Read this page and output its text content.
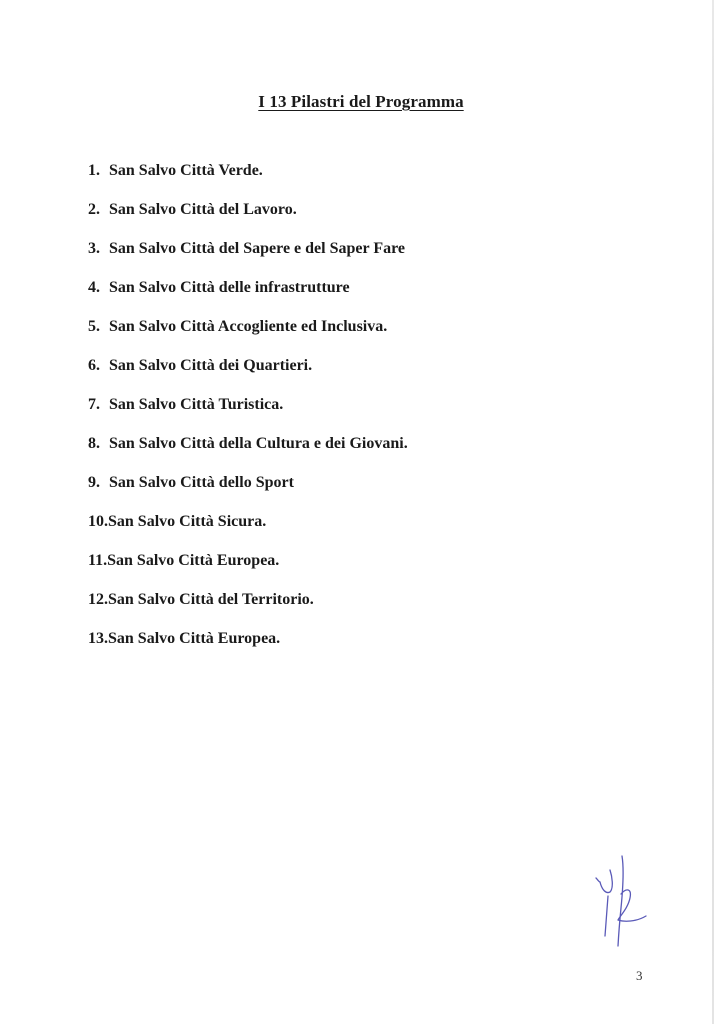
I 13 Pilastri del Programma
1. San Salvo Città Verde.
2. San Salvo Città del Lavoro.
3. San Salvo Città del Sapere e del Saper Fare
4. San Salvo Città delle infrastrutture
5. San Salvo Città Accogliente ed Inclusiva.
6. San Salvo Città dei Quartieri.
7. San Salvo Città Turistica.
8. San Salvo Città della Cultura e dei Giovani.
9. San Salvo Città dello Sport
10. San Salvo Città Sicura.
11. San Salvo Città Europea.
12. San Salvo Città del Territorio.
13. San Salvo Città Europea.
3
